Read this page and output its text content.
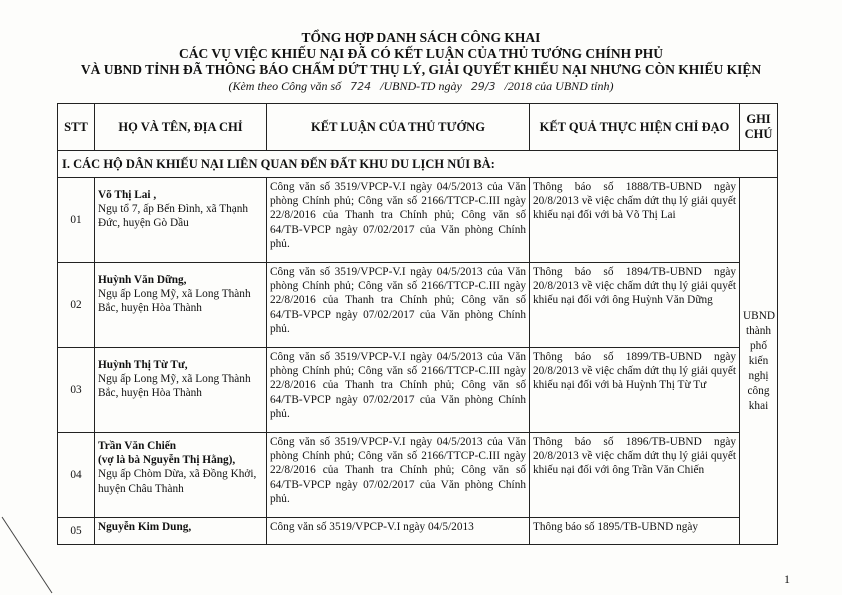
TỔNG HỢP DANH SÁCH CÔNG KHAI
CÁC VỤ VIỆC KHIẾU NẠI ĐÃ CÓ KẾT LUẬN CỦA THỦ TƯỚNG CHÍNH PHỦ
VÀ UBND TỈNH ĐÃ THÔNG BÁO CHẤM DỨT THỤ LÝ, GIẢI QUYẾT KHIẾU NẠI NHƯNG CÒN KHIẾU KIỆN
(Kèm theo Công văn số 724 /UBND-TD ngày 29/3 /2018 của UBND tỉnh)
STT	HỌ VÀ TÊN, ĐỊA CHỈ	KẾT LUẬN CỦA THỦ TƯỚNG	KẾT QUẢ THỰC HIỆN CHỈ ĐẠO	GHI CHÚ
I. CÁC HỘ DÂN KHIẾU NẠI LIÊN QUAN ĐẾN ĐẤT KHU DU LỊCH NÚI BÀ:				
01	Võ Thị Lai ,
Ngụ tổ 7, ấp Bến Đình, xã Thạnh Đức, huyện Gò Dầu	Công văn số 3519/VPCP-V.I ngày 04/5/2013 của Văn phòng Chính phủ; Công văn số 2166/TTCP-C.III ngày 22/8/2016 của Thanh tra Chính phủ; Công văn số 64/TB-VPCP ngày 07/02/2017 của Văn phòng Chính phủ.	Thông báo số 1888/TB-UBND ngày 20/8/2013 về việc chấm dứt thụ lý giải quyết khiếu nại đối với bà Võ Thị Lai	UBND thành phố kiến nghị công khai
02	Huỳnh Văn Dững,
Ngụ ấp Long Mỹ, xã Long Thành Bắc, huyện Hòa Thành	Công văn số 3519/VPCP-V.I ngày 04/5/2013 của Văn phòng Chính phủ; Công văn số 2166/TTCP-C.III ngày 22/8/2016 của Thanh tra Chính phủ; Công văn số 64/TB-VPCP ngày 07/02/2017 của Văn phòng Chính phủ.	Thông báo số 1894/TB-UBND ngày 20/8/2013 về việc chấm dứt thụ lý giải quyết khiếu nại đối với ông Huỳnh Văn Dững	
03	Huỳnh Thị Từ Tư,
Ngụ ấp Long Mỹ, xã Long Thành Bắc, huyện Hòa Thành	Công văn số 3519/VPCP-V.I ngày 04/5/2013 của Văn phòng Chính phủ; Công văn số 2166/TTCP-C.III ngày 22/8/2016 của Thanh tra Chính phủ; Công văn số 64/TB-VPCP ngày 07/02/2017 của Văn phòng Chính phủ.	Thông báo số 1899/TB-UBND ngày 20/8/2013 về việc chấm dứt thụ lý giải quyết khiếu nại đối với bà Huỳnh Thị Từ Tư	
04	Trần Văn Chiến
(vợ là bà Nguyễn Thị Hằng),
Ngụ ấp Chòm Dừa, xã Đồng Khởi, huyện Châu Thành	Công văn số 3519/VPCP-V.I ngày 04/5/2013 của Văn phòng Chính phủ; Công văn số 2166/TTCP-C.III ngày 22/8/2016 của Thanh tra Chính phủ; Công văn số 64/TB-VPCP ngày 07/02/2017 của Văn phòng Chính phủ.	Thông báo số 1896/TB-UBND ngày 20/8/2013 về việc chấm dứt thụ lý giải quyết khiếu nại đối với ông Trần Văn Chiến	
05	Nguyễn Kim Dung,	Công văn số 3519/VPCP-V.I ngày 04/5/2013	Thông báo số 1895/TB-UBND ngày	
1
